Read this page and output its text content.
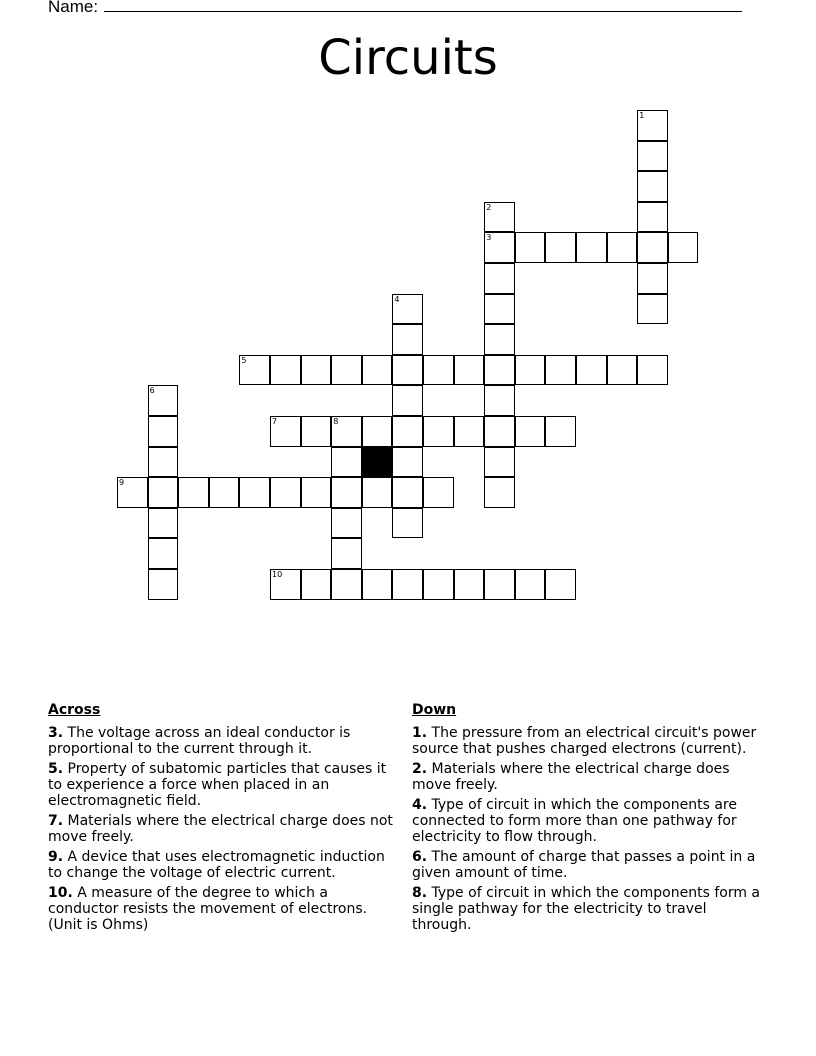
Name:
Circuits
1
2
3
4
5
6
7	8
9
10
Across

3. The voltage across an ideal conductor is proportional to the current through it.

5. Property of subatomic particles that causes it to experience a force when placed in an electromagnetic field.

7. Materials where the electrical charge does not move freely.

9. A device that uses electromagnetic induction to change the voltage of electric current.

10. A measure of the degree to which a conductor resists the movement of electrons. (Unit is Ohms)

Down

1. The pressure from an electrical circuit's power source that pushes charged electrons (current).

2. Materials where the electrical charge does move freely.

4. Type of circuit in which the components are connected to form more than one pathway for electricity to flow through.

6. The amount of charge that passes a point in a given amount of time.

8. Type of circuit in which the components form a single pathway for the electricity to travel through.
